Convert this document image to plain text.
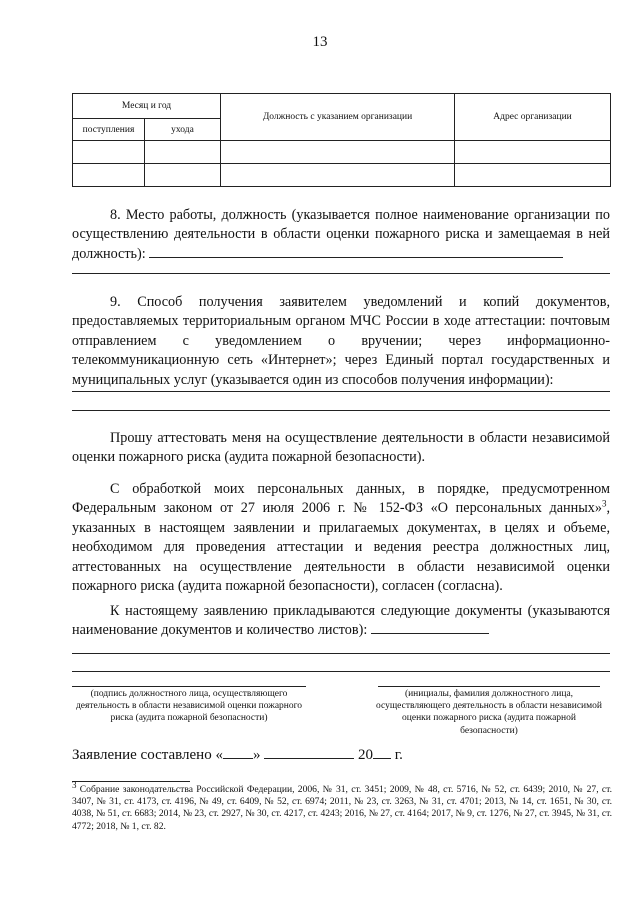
13
Месяц и год		Должность с указанием организации	Адрес организации
поступления	ухода		

8. Место работы, должность (указывается полное наименование организации по осуществлению деятельности в области оценки пожарного риска и замещаемая в ней должность):
9. Способ получения заявителем уведомлений и копий документов, предоставляемых территориальным органом МЧС России в ходе аттестации: почтовым отправлением с уведомлением о вручении; через информационно-телекоммуникационную сеть «Интернет»; через Единый портал государственных и муниципальных услуг (указывается один из способов получения информации):
Прошу аттестовать меня на осуществление деятельности в области независимой оценки пожарного риска (аудита пожарной безопасности).
С обработкой моих персональных данных, в порядке, предусмотренном Федеральным законом от 27 июля 2006 г. № 152-ФЗ «О персональных данных»$^3$, указанных в настоящем заявлении и прилагаемых документах, в целях и объеме, необходимом для проведения аттестации и ведения реестра должностных лиц, аттестованных на осуществление деятельности в области независимой оценки пожарного риска (аудита пожарной безопасности), согласен (согласна).
К настоящему заявлению прикладываются следующие документы (указываются наименование документов и количество листов):
(подпись должностного лица, осуществляющего деятельность в области независимой оценки пожарного риска (аудита пожарной безопасности)
(инициалы, фамилия должностного лица, осуществляющего деятельность в области независимой оценки пожарного риска (аудита пожарной безопасности)
Заявление составлено « »	20 г.
$^3$ Собрание законодательства Российской Федерации, 2006, № 31, ст. 3451; 2009, № 48, ст. 5716, № 52, ст. 6439; 2010, № 27, ст. 3407, № 31, ст. 4173, ст. 4196, № 49, ст. 6409, № 52, ст. 6974; 2011, № 23, ст. 3263, № 31, ст. 4701; 2013, № 14, ст. 1651, № 30, ст. 4038, № 51, ст. 6683; 2014, № 23, ст. 2927, № 30, ст. 4217, ст. 4243; 2016, № 27, ст. 4164; 2017, № 9, ст. 1276, № 27, ст. 3945, № 31, ст. 4772; 2018, № 1, ст. 82.
